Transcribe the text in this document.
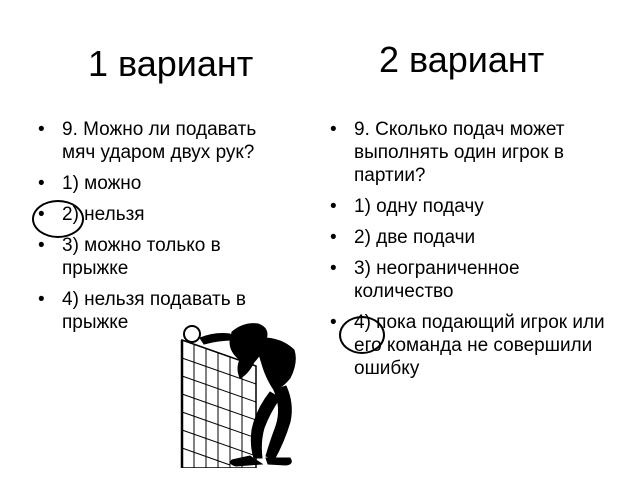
1 вариант	2 вариант
• 9. Можно ли подавать мяч ударом двух рук?
• 1) можно
• 2) нельзя
• 3) можно только в прыжке
• 4) нельзя подавать в прыжке
• 9. Сколько подач может выполнять один игрок в партии?
• 1) одну подачу
• 2) две подачи
• 3) неограниченное количество
• 4) пока подающий игрок или его команда не совершили ошибку
